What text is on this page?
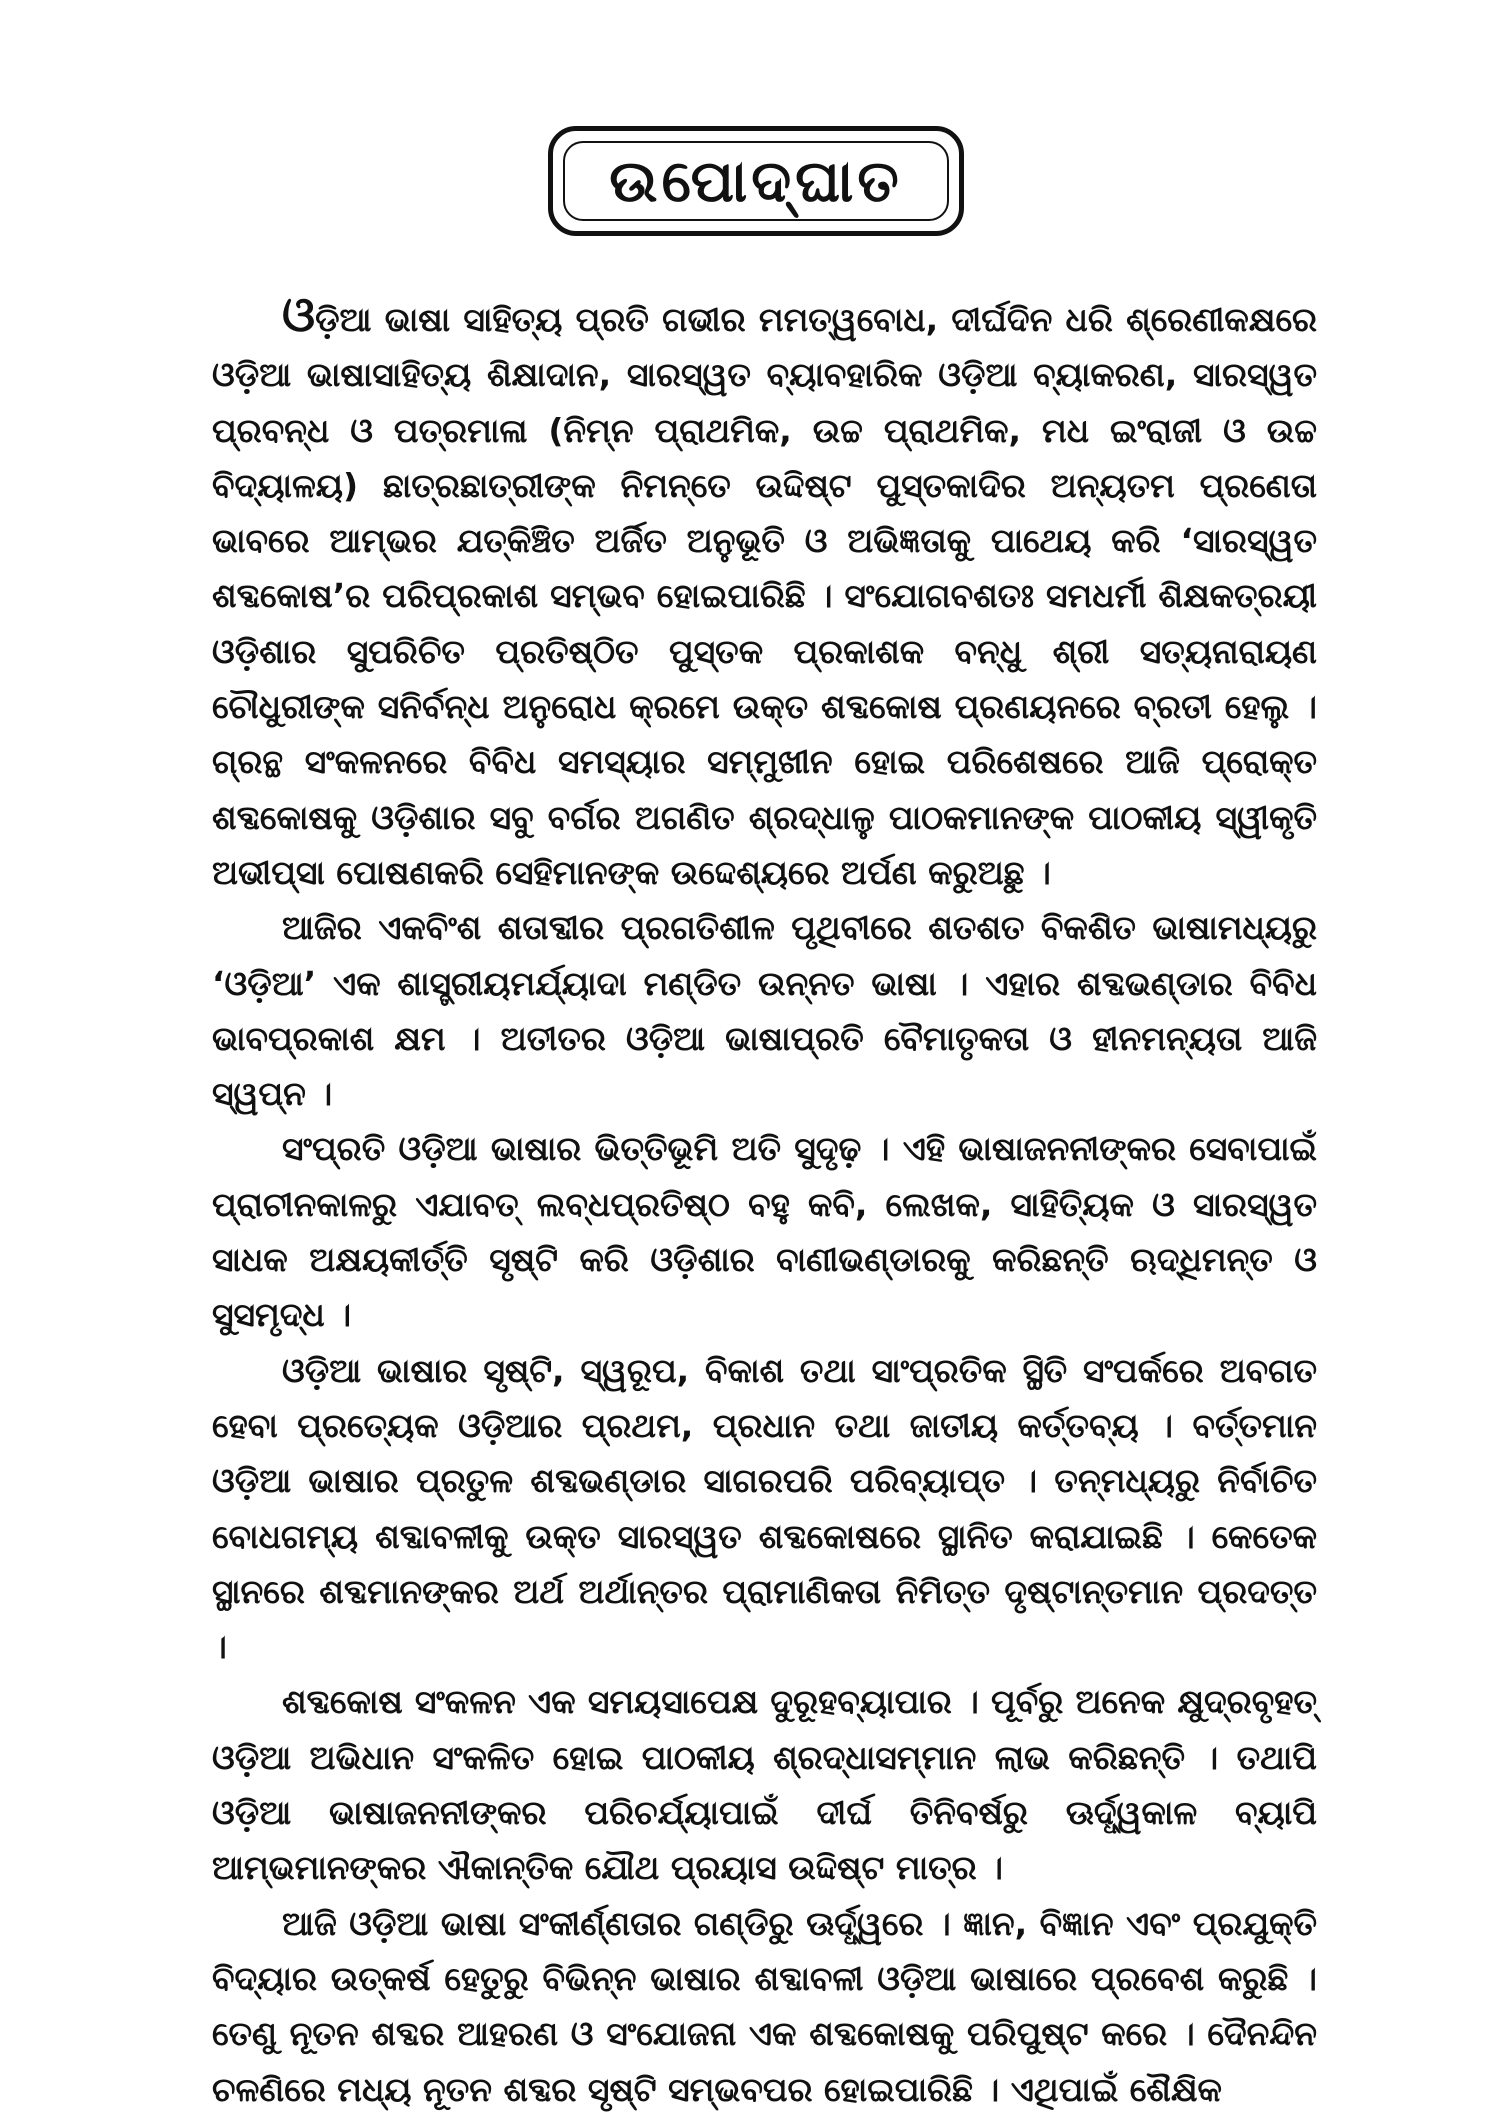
ଉପୋଦ୍‌ଘାତ

ଓଡ଼ିଆ ଭାଷା ସାହିତ୍ୟ ପ୍ରତି ଗଭୀର ମମତ୍ୱବୋଧ, ଦୀର୍ଘଦିନ ଧରି ଶ୍ରେଣୀକକ୍ଷରେ ଓଡ଼ିଆ ଭାଷାସାହିତ୍ୟ ଶିକ୍ଷାଦାନ, ସାରସ୍ୱତ ବ୍ୟାବହାରିକ ଓଡ଼ିଆ ବ୍ୟାକରଣ, ସାରସ୍ୱତ ପ୍ରବନ୍ଧ ଓ ପତ୍ରମାଳା (ନିମ୍ନ ପ୍ରାଥମିକ, ଉଚ୍ଚ ପ୍ରାଥମିକ, ମଧ ଇଂରାଜୀ ଓ ଉଚ୍ଚ ବିଦ୍ୟାଳୟ) ଛାତ୍ରଛାତ୍ରୀଙ୍କ ନିମନ୍ତେ ଉଦ୍ଦିଷ୍ଟ ପୁସ୍ତକାଦିର ଅନ୍ୟତମ ପ୍ରଣେତା ଭାବରେ ଆମ୍ଭର ଯତ୍‌କିଞ୍ଚିତ ଅର୍ଜିତ ଅନୁଭୂତି ଓ ଅଭିଜ୍ଞତାକୁ ପାଥେୟ କରି ‘ସାରସ୍ୱତ ଶବ୍ଦକୋଷ’ର ପରିପ୍ରକାଶ ସମ୍ଭବ ହୋଇପାରିଛି । ସଂଯୋଗବଶତଃ ସମଧର୍ମୀ ଶିକ୍ଷକତ୍ରୟୀ ଓଡ଼ିଶାର ସୁପରିଚିତ ପ୍ରତିଷ୍ଠିତ ପୁସ୍ତକ ପ୍ରକାଶକ ବନ୍ଧୁ ଶ୍ରୀ ସତ୍ୟନାରାୟଣ ଚୌଧୁରୀଙ୍କ ସନିର୍ବନ୍ଧ ଅନୁରୋଧ କ୍ରମେ ଉକ୍ତ ଶବ୍ଦକୋଷ ପ୍ରଣୟନରେ ବ୍ରତୀ ହେଲୁ । ଗ୍ରନ୍ଥ ସଂକଳନରେ ବିବିଧ ସମସ୍ୟାର ସମ୍ମୁଖୀନ ହୋଇ ପରିଶେଷରେ ଆଜି ପ୍ରୋକ୍ତ ଶବ୍ଦକୋଷକୁ ଓଡ଼ିଶାର ସବୁ ବର୍ଗର ଅଗଣିତ ଶ୍ରଦ୍ଧାଳୁ ପାଠକମାନଙ୍କ ପାଠକୀୟ ସ୍ୱୀକୃତି ଅଭୀପ୍‌ସା ପୋଷଣକରି ସେହିମାନଙ୍କ ଉଦ୍ଦେଶ୍ୟରେ ଅର୍ପଣ କରୁଅଛୁ ।

ଆଜିର ଏକବିଂଶ ଶତାବ୍ଦୀର ପ୍ରଗତିଶୀଳ ପୃଥିବୀରେ ଶତଶତ ବିକଶିତ ଭାଷାମଧ୍ୟରୁ ‘ଓଡ଼ିଆ’ ଏକ ଶାସ୍ତ୍ରୀୟମର୍ଯ୍ୟାଦା ମଣ୍ଡିତ ଉନ୍ନତ ଭାଷା । ଏହାର ଶବ୍ଦଭଣ୍ଡାର ବିବିଧ ଭାବପ୍ରକାଶ କ୍ଷମ । ଅତୀତର ଓଡ଼ିଆ ଭାଷାପ୍ରତି ବୈମାତୃକତା ଓ ହୀନମନ୍ୟତା ଆଜି ସ୍ୱପ୍ନ ।

ସଂପ୍ରତି ଓଡ଼ିଆ ଭାଷାର ଭିତ୍ତିଭୂମି ଅତି ସୁଦୃଢ଼ । ଏହି ଭାଷାଜନନୀଙ୍କର ସେବାପାଇଁ ପ୍ରାଚୀନକାଳରୁ ଏଯାବତ୍ ଲବ୍ଧପ୍ରତିଷ୍ଠ ବହୁ କବି, ଲେଖକ, ସାହିତ୍ୟିକ ଓ ସାରସ୍ୱତ ସାଧକ ଅକ୍ଷୟକୀର୍ତ୍ତି ସୃଷ୍ଟି କରି ଓଡ଼ିଶାର ବାଣୀଭଣ୍ଡାରକୁ କରିଛନ୍ତି ଋଦ୍ଧିମନ୍ତ ଓ ସୁସମୃଦ୍ଧ ।

ଓଡ଼ିଆ ଭାଷାର ସୃଷ୍ଟି, ସ୍ୱରୂପ, ବିକାଶ ତଥା ସାଂପ୍ରତିକ ସ୍ଥିତି ସଂପର୍କରେ ଅବଗତ ହେବା ପ୍ରତ୍ୟେକ ଓଡ଼ିଆର ପ୍ରଥମ, ପ୍ରଧାନ ତଥା ଜାତୀୟ କର୍ତ୍ତବ୍ୟ । ବର୍ତ୍ତମାନ ଓଡ଼ିଆ ଭାଷାର ପ୍ରତୁଳ ଶବ୍ଦଭଣ୍ଡାର ସାଗରପରି ପରିବ୍ୟାପ୍ତ । ତନ୍ମଧ୍ୟରୁ ନିର୍ବାଚିତ ବୋଧଗମ୍ୟ ଶବ୍ଦାବଳୀକୁ ଉକ୍ତ ସାରସ୍ୱତ ଶବ୍ଦକୋଷରେ ସ୍ଥାନିତ କରାଯାଇଛି । କେତେକ ସ୍ଥାନରେ ଶବ୍ଦମାନଙ୍କର ଅର୍ଥ ଅର୍ଥାନ୍ତର ପ୍ରାମାଣିକତା ନିମିତ୍ତ ଦୃଷ୍ଟାନ୍ତମାନ ପ୍ରଦତ୍ତ ।

ଶବ୍ଦକୋଷ ସଂକଳନ ଏକ ସମୟସାପେକ୍ଷ ଦୁରୂହବ୍ୟାପାର । ପୂର୍ବରୁ ଅନେକ କ୍ଷୁଦ୍ରବୃହତ୍ ଓଡ଼ିଆ ଅଭିଧାନ ସଂକଳିତ ହୋଇ ପାଠକୀୟ ଶ୍ରଦ୍ଧାସମ୍ମାନ ଲାଭ କରିଛନ୍ତି । ତଥାପି ଓଡ଼ିଆ ଭାଷାଜନନୀଙ୍କର ପରିଚର୍ଯ୍ୟାପାଇଁ ଦୀର୍ଘ ତିନିବର୍ଷରୁ ଊର୍ଦ୍ଧ୍ୱକାଳ ବ୍ୟାପି ଆମ୍ଭମାନଙ୍କର ଐକାନ୍ତିକ ଯୌଥ ପ୍ରୟାସ ଉଦ୍ଦିଷ୍ଟ ମାତ୍ର ।

ଆଜି ଓଡ଼ିଆ ଭାଷା ସଂକୀର୍ଣ୍ଣତାର ଗଣ୍ଡିରୁ ଊର୍ଦ୍ଧ୍ୱରେ । ଜ୍ଞାନ, ବିଜ୍ଞାନ ଏବଂ ପ୍ରଯୁକ୍ତି ବିଦ୍ୟାର ଉତ୍କର୍ଷ ହେତୁରୁ ବିଭିନ୍ନ ଭାଷାର ଶବ୍ଦାବଳୀ ଓଡ଼ିଆ ଭାଷାରେ ପ୍ରବେଶ କରୁଛି । ତେଣୁ ନୂତନ ଶବ୍ଦର ଆହରଣ ଓ ସଂଯୋଜନା ଏକ ଶବ୍ଦକୋଷକୁ ପରିପୁଷ୍ଟ କରେ । ଦୈନନ୍ଦିନ ଚଳଣିରେ ମଧ୍ୟ ନୂତନ ଶବ୍ଦର ସୃଷ୍ଟି ସମ୍ଭବପର ହୋଇପାରିଛି । ଏଥିପାଇଁ ଶୈକ୍ଷିକ
